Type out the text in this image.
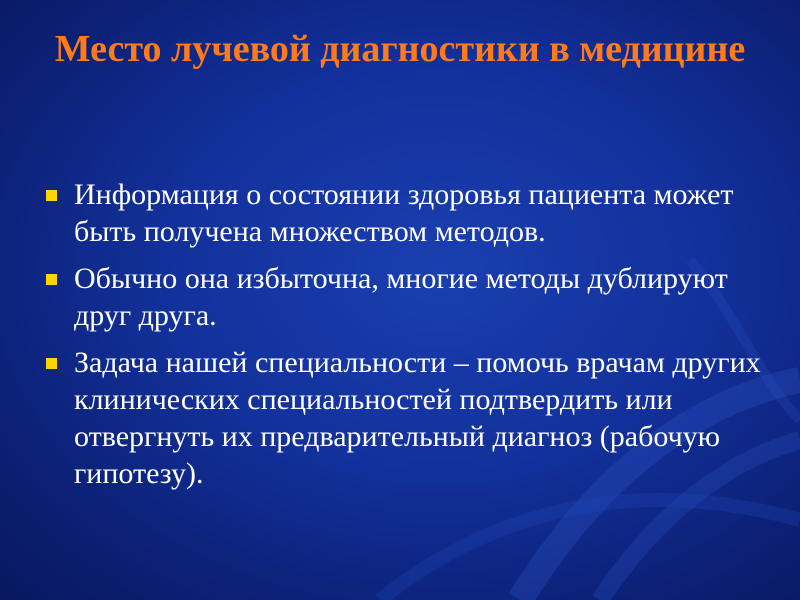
Место лучевой диагностики в медицине
Информация о состоянии здоровья пациента может быть получена множеством методов.
Обычно она избыточна, многие методы дублируют друг друга.
Задача нашей специальности – помочь врачам других клинических специальностей подтвердить или отвергнуть их предварительный диагноз (рабочую гипотезу).
